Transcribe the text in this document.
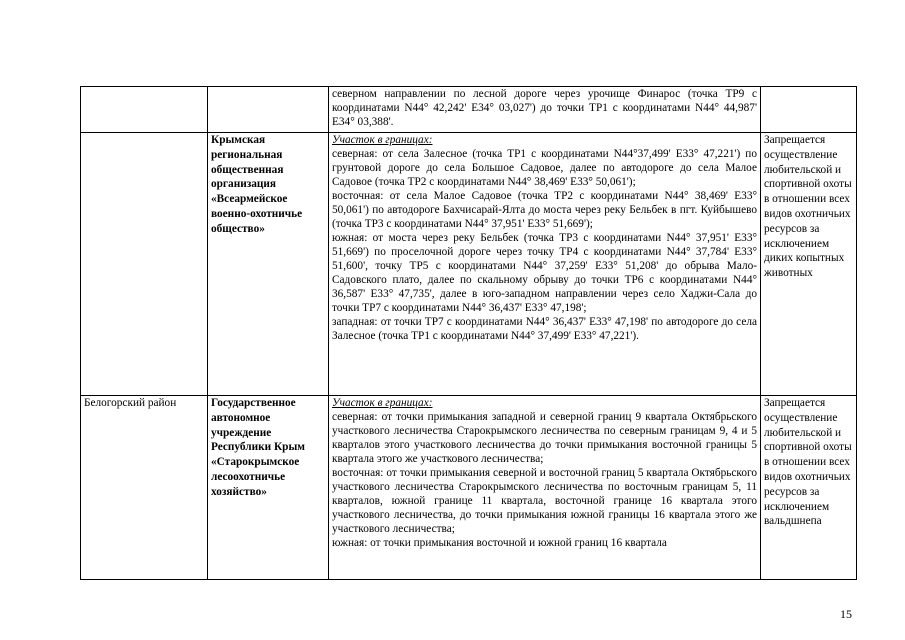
		северном направлении по лесной дороге через урочище Финарос (точка ТР9 с координатами N44° 42,242' E34° 03,027') до точки ТР1 с координатами N44° 44,987' E34° 03,388'.	

	Крымская региональная общественная организация «Всеармейское военно-охотничье общество»	Участок в границах:

северная: от села Залесное (точка ТР1 с координатами N44°37,499' E33° 47,221') по грунтовой дороге до села Большое Садовое, далее по автодороге до села Малое Садовое (точка ТР2 с координатами N44° 38,469' E33° 50,061');

восточная: от села Малое Садовое (точка ТР2 с координатами N44° 38,469' E33° 50,061') по автодороге Бахчисарай-Ялта до моста через реку Бельбек в пгт. Куйбышево (точка ТР3 с координатами N44° 37,951' E33° 51,669');

южная: от моста через реку Бельбек (точка ТР3 с координатами N44° 37,951' E33° 51,669') по проселочной дороге через точку ТР4 с координатами N44° 37,784' E33° 51,600', точку ТР5 с координатами N44° 37,259' E33° 51,208' до обрыва Мало-Садовского плато, далее по скальному обрыву до точки ТР6 с координатами N44° 36,587' E33° 47,735', далее в юго-западном направлении через село Хаджи-Сала до точки ТР7 с координатами N44° 36,437' E33° 47,198';

западная: от точки ТР7 с координатами N44° 36,437' E33° 47,198' по автодороге до села Залесное (точка ТР1 с координатами N44° 37,499' E33° 47,221').	Запрещается осуществление любительской и спортивной охоты в отношении всех видов охотничьих ресурсов за исключением диких копытных животных
Белогорский район	Государственное автономное учреждение Республики Крым «Старокрымское лесоохотничье хозяйство»	Участок в границах:

северная: от точки примыкания западной и северной границ 9 квартала Октябрьского участкового лесничества Старокрымского лесничества по северным границам 9, 4 и 5 кварталов этого участкового лесничества до точки примыкания восточной границы 5 квартала этого же участкового лесничества;

восточная: от точки примыкания северной и восточной границ 5 квартала Октябрьского участкового лесничества Старокрымского лесничества по восточным границам 5, 11 кварталов, южной границе 11 квартала, восточной границе 16 квартала этого участкового лесничества, до точки примыкания южной границы 16 квартала этого же участкового лесничества;

южная: от точки примыкания восточной и южной границ 16 квартала	Запрещается осуществление любительской и спортивной охоты в отношении всех видов охотничьих ресурсов за исключением вальдшнепа
15
